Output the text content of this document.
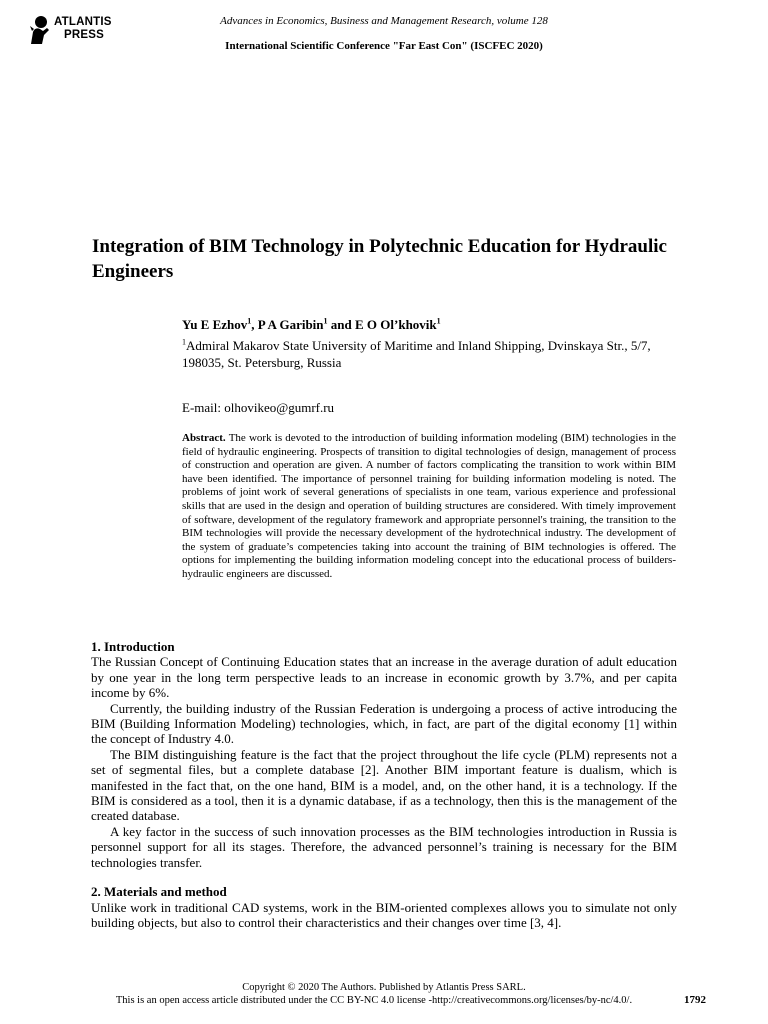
ATLANTIS
PRESS
Advances in Economics, Business and Management Research, volume 128
International Scientific Conference "Far East Con" (ISCFEC 2020)
Integration of BIM Technology in Polytechnic Education for Hydraulic Engineers
Yu E Ezhov$^1$, P A Garibin$^1$ and E O Ol’khovik$^1$
$^1$Admiral Makarov State University of Maritime and Inland Shipping, Dvinskaya Str., 5/7, 198035, St. Petersburg, Russia
E-mail: olhovikeo@gumrf.ru

Abstract. The work is devoted to the introduction of building information modeling (BIM) technologies in the field of hydraulic engineering. Prospects of transition to digital technologies of design, management of process of construction and operation are given. A number of factors complicating the transition to work within BIM have been identified. The importance of personnel training for building information modeling is noted. The problems of joint work of several generations of specialists in one team, various experience and professional skills that are used in the design and operation of building structures are considered. With timely improvement of software, development of the regulatory framework and appropriate personnel's training, the transition to the BIM technologies will provide the necessary development of the hydrotechnical industry. The development of the system of graduate’s competencies taking into account the training of BIM technologies is offered. The options for implementing the building information modeling concept into the educational process of builders-hydraulic engineers are discussed.

1. Introduction

The Russian Concept of Continuing Education states that an increase in the average duration of adult education by one year in the long term perspective leads to an increase in economic growth by 3.7%, and per capita income by 6%.

Currently, the building industry of the Russian Federation is undergoing a process of active introducing the BIM (Building Information Modeling) technologies, which, in fact, are part of the digital economy [1] within the concept of Industry 4.0.

The BIM distinguishing feature is the fact that the project throughout the life cycle (PLM) represents not a set of segmental files, but a complete database [2]. Another BIM important feature is dualism, which is manifested in the fact that, on the one hand, BIM is a model, and, on the other hand, it is a technology. If the BIM is considered as a tool, then it is a dynamic database, if as a technology, then this is the management of the created database.

A key factor in the success of such innovation processes as the BIM technologies introduction in Russia is personnel support for all its stages. Therefore, the advanced personnel’s training is necessary for the BIM technologies transfer.

2. Materials and method

Unlike work in traditional CAD systems, work in the BIM-oriented complexes allows you to simulate not only building objects, but also to control their characteristics and their changes over time [3, 4].

Copyright © 2020 The Authors. Published by Atlantis Press SARL.
This is an open access article distributed under the CC BY-NC 4.0 license -http://creativecommons.org/licenses/by-nc/4.0/.	1792
